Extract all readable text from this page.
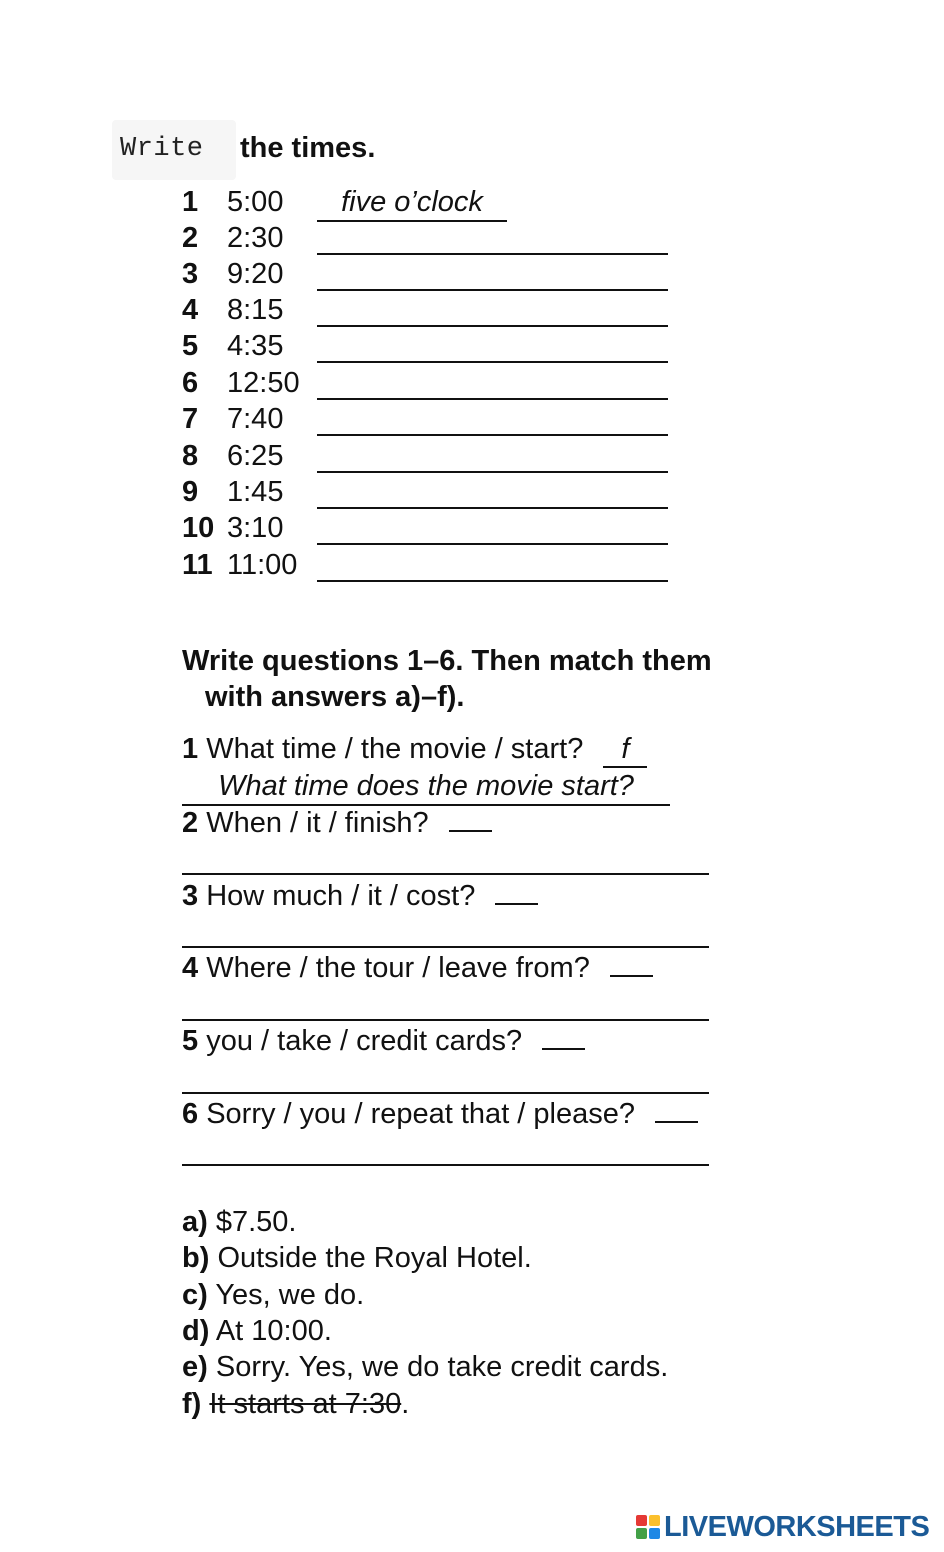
Write the times.
1 5:00	five o’clock
2 2:30
3 9:20
4 8:15
5 4:35
6 12:50
7 7:40
8 6:25
9 1:45
10 3:10
11 11:00
Write questions 1–6. Then match them
with answers a)–f).
1 What time / the movie / start? f
What time does the movie start?
2 When / it / finish?
3 How much / it / cost?
4 Where / the tour / leave from?
5 you / take / credit cards?
6 Sorry / you / repeat that / please?
a) $7.50.
b) Outside the Royal Hotel.
c) Yes, we do.
d) At 10:00.
e) Sorry. Yes, we do take credit cards.
f) It starts at 7:30.
LIVEWORKSHEETS
